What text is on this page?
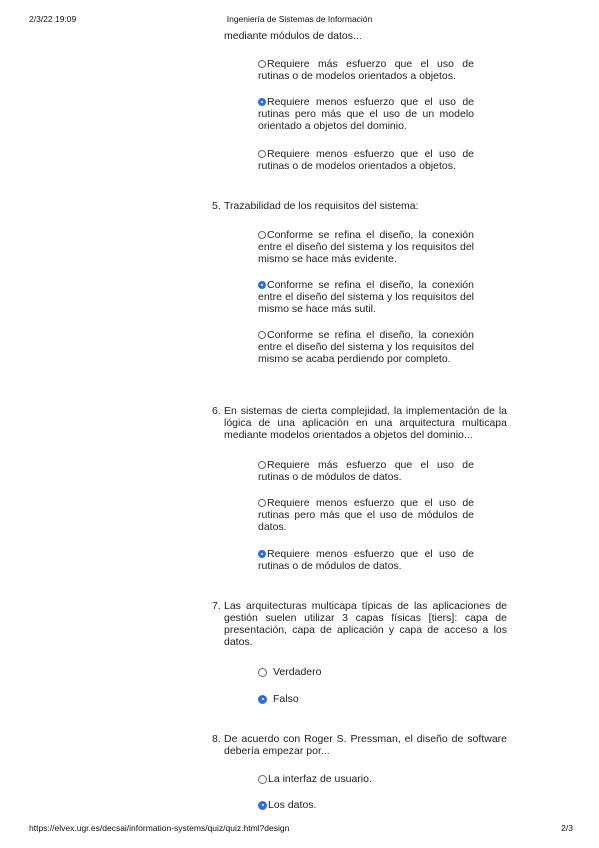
2/3/22 19:09	Ingeniería de Sistemas de Información
mediante módulos de datos...
Requiere más esfuerzo que el uso de rutinas o de modelos orientados a objetos.
Requiere menos esfuerzo que el uso de rutinas pero más que el uso de un modelo orientado a objetos del dominio.
Requiere menos esfuerzo que el uso de rutinas o de modelos orientados a objetos.
5. Trazabilidad de los requisitos del sistema:
Conforme se refina el diseño, la conexión entre el diseño del sistema y los requisitos del mismo se hace más evidente.
Conforme se refina el diseño, la conexión entre el diseño del sistema y los requisitos del mismo se hace más sutil.
Conforme se refina el diseño, la conexión entre el diseño del sistema y los requisitos del mismo se acaba perdiendo por completo.
6. En sistemas de cierta complejidad, la implementación de la lógica de una aplicación en una arquitectura multicapa mediante modelos orientados a objetos del dominio...
Requiere más esfuerzo que el uso de rutinas o de módulos de datos.
Requiere menos esfuerzo que el uso de rutinas pero más que el uso de módulos de datos.
Requiere menos esfuerzo que el uso de rutinas o de módulos de datos.
7. Las arquitecturas multicapa típicas de las aplicaciones de gestión suelen utilizar 3 capas físicas [tiers]: capa de presentación, capa de aplicación y capa de acceso a los datos.
Verdadero
Falso
8. De acuerdo con Roger S. Pressman, el diseño de software debería empezar por...
La interfaz de usuario.
Los datos.
https://elvex.ugr.es/decsai/information-systems/quiz/quiz.html?design	2/3
